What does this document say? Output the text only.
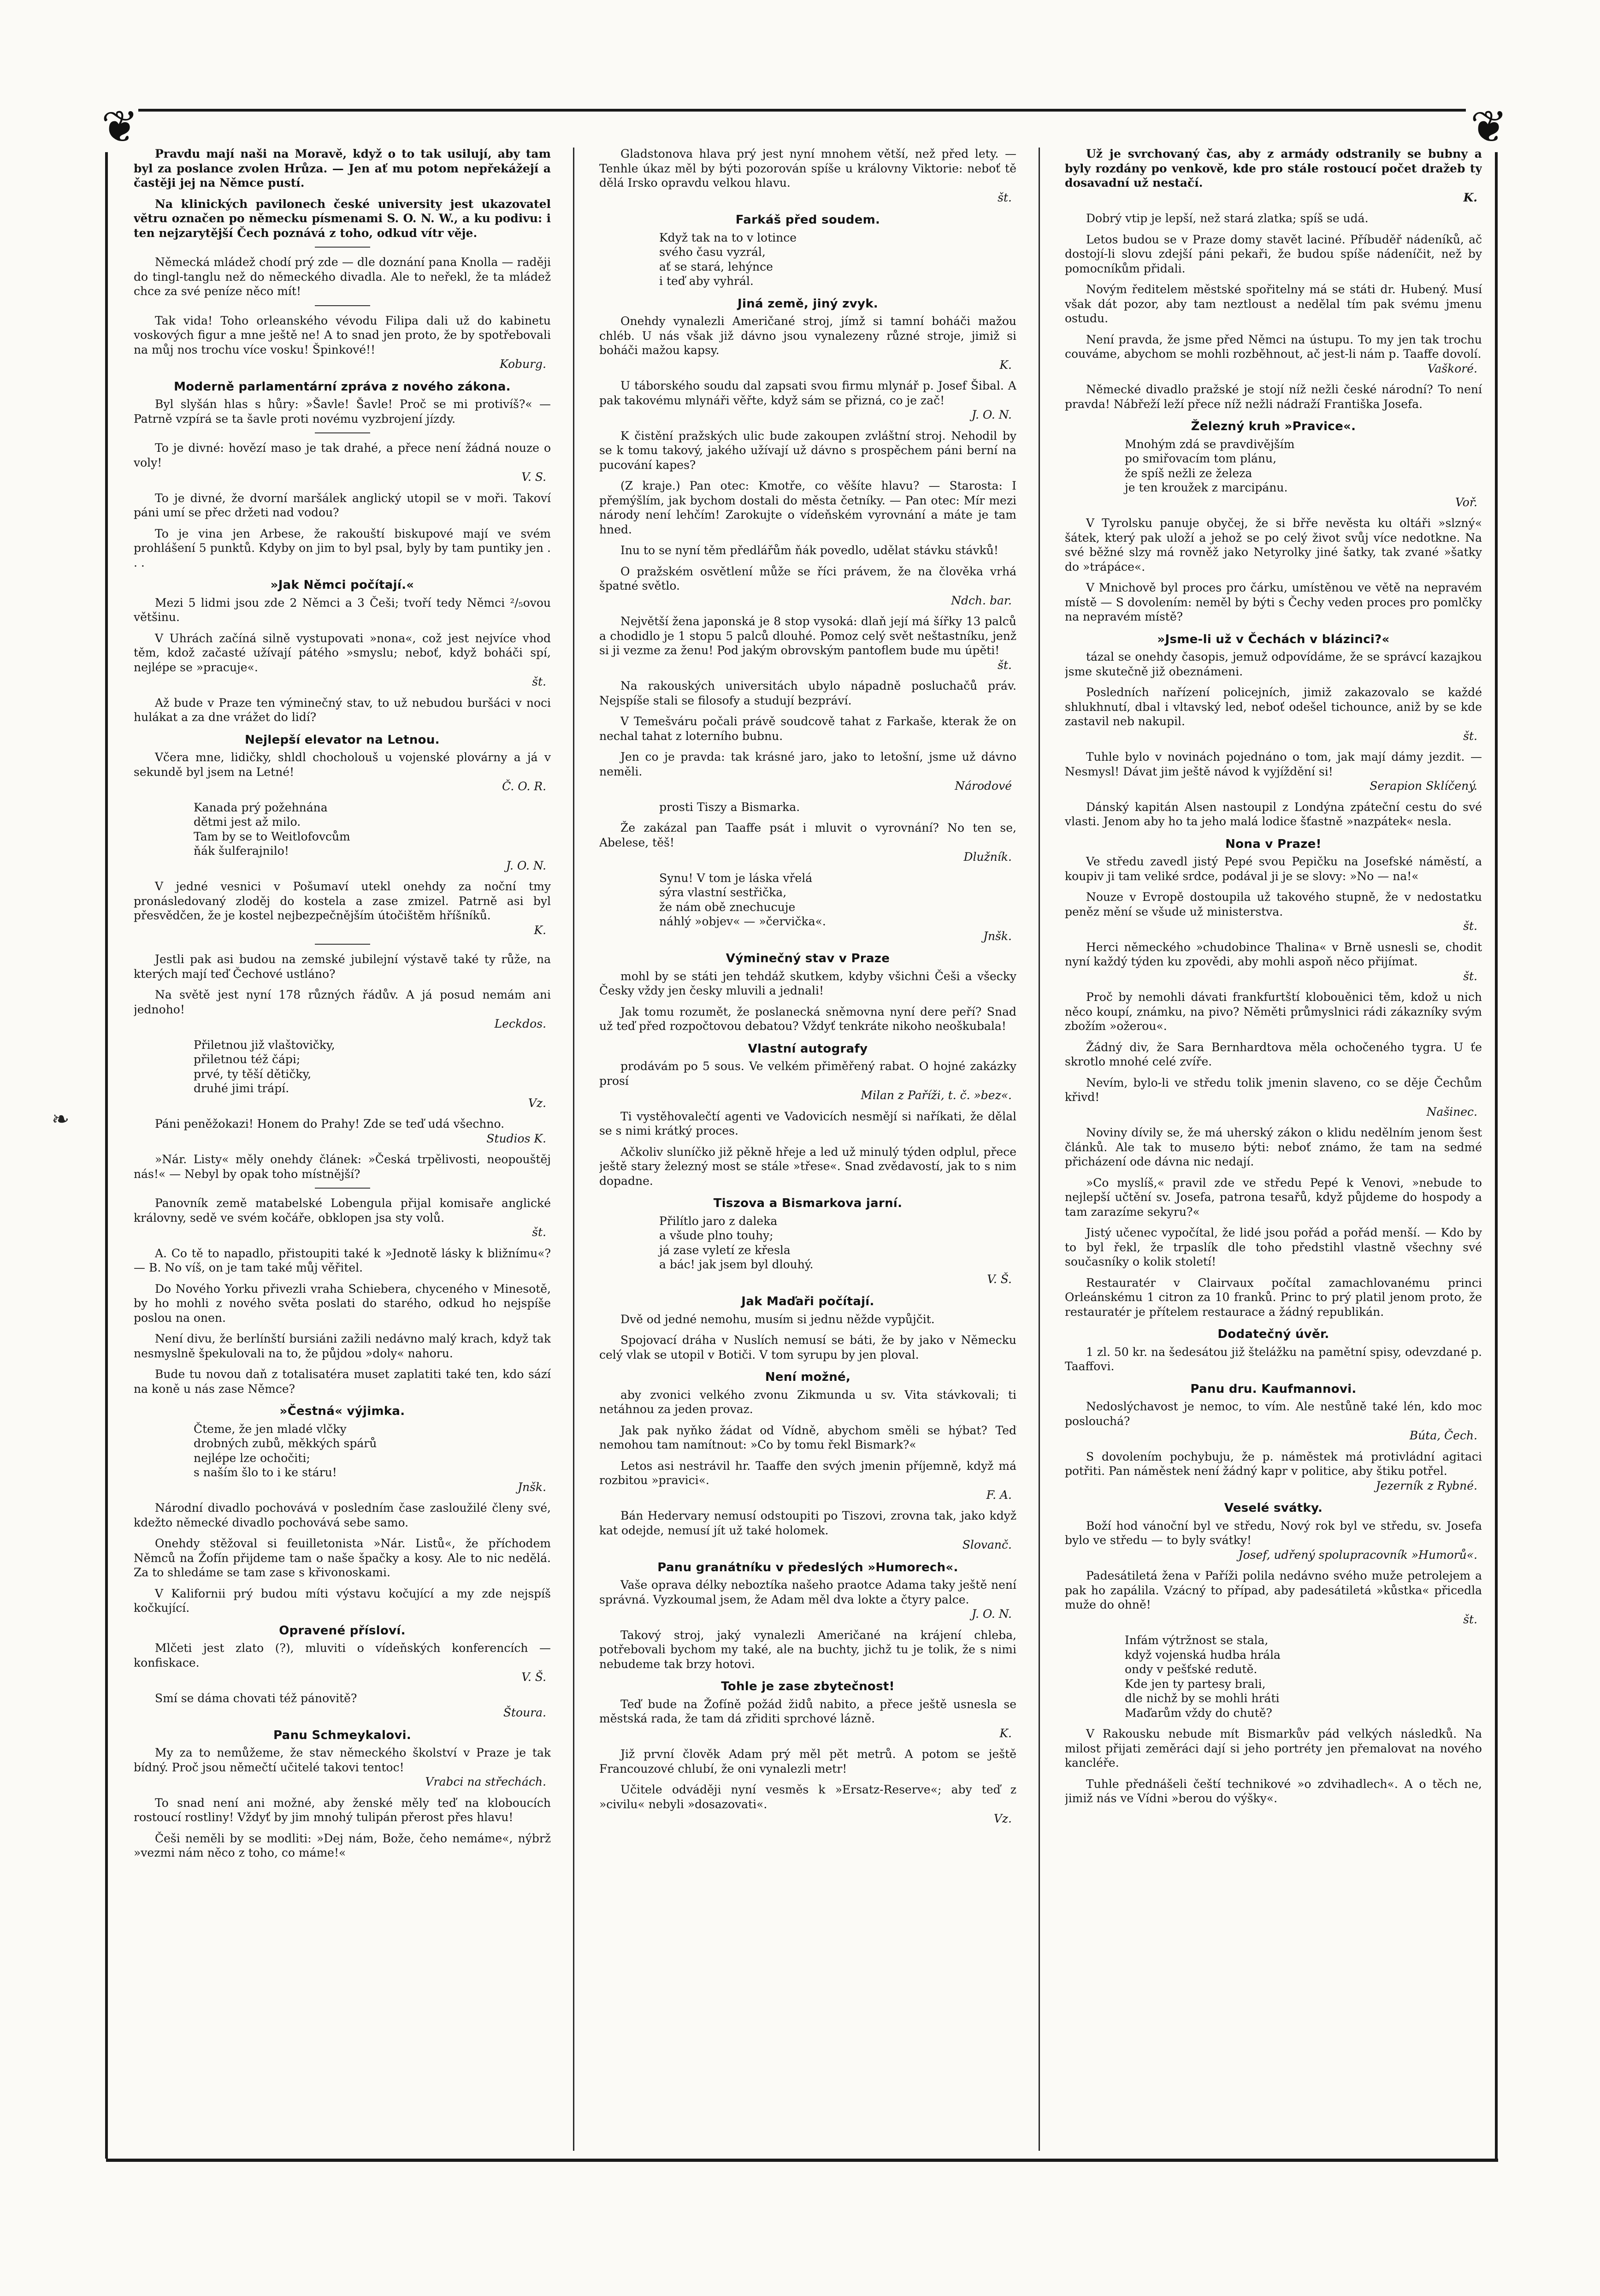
❦	❦
❧

Pravdu mají naši na Moravě, když o to tak usilují, aby tam byl za poslance zvolen Hrůza. — Jen ať mu potom nepřekážejí a častěji jej na Němce pustí.

Na klinických pavilonech české university jest ukazovatel větru označen po německu písmenami S. O. N. W., a ku podivu: i ten nejzarytější Čech poznává z toho, odkud vítr věje.

Německá mládež chodí prý zde — dle doznání pana Knolla — raději do tingl-tanglu než do německého divadla. Ale to neřekl, že ta mládež chce za své peníze něco mít!

Tak vida! Toho orleanského vévodu Filipa dali už do kabinetu voskových figur a mne ještě ne! A to snad jen proto, že by spotřebovali na můj nos trochu více vosku! Špinkové!!
Koburg.

Moderně parlamentární zpráva z nového zákona.

Byl slyšán hlas s hůry: »Šavle! Šavle! Proč se mi protivíš?« — Patrně vzpírá se ta šavle proti novému vyzbrojení jízdy.

To je divné: hovězí maso je tak drahé, a přece není žádná nouze o voly!
V. S.

To je divné, že dvorní maršálek anglický utopil se v moři. Takoví páni umí se přec držeti nad vodou?

To je vina jen Arbese, že rakouští biskupové mají ve svém prohlášení 5 punktů. Kdyby on jim to byl psal, byly by tam puntiky jen . . .

»Jak Němci počítají.«

Mezi 5 lidmi jsou zde 2 Němci a 3 Češi; tvoří tedy Němci ²/₅ovou většinu.

V Uhrách začíná silně vystupovati »nona«, což jest nejvíce vhod těm, kdož začasté užívají pátého »smyslu; neboť, když boháči spí, nejlépe se »pracuje«.
št.

Až bude v Praze ten výminečný stav, to už nebudou buršáci v noci hulákat a za dne vrážet do lidí?

Nejlepší elevator na Letnou.

Včera mne, lidičky, shldl chocholouš u vojenské plovárny a já v sekundě byl jsem na Letné!
Č. O. R.

Kanada prý požehnána
dětmi jest až milo.
Tam by se to Weitlofovcům
ňák šulferajnilo!
J. O. N.

V jedné vesnici v Pošumaví utekl onehdy za noční tmy pronásledovaný zloděj do kostela a zase zmizel. Patrně asi byl přesvědčen, že je kostel nejbezpečnějším útočištěm hříšníků.
K.

Jestli pak asi budou na zemské jubilejní výstavě také ty růže, na kterých mají teď Čechové ustláno?

Na světě jest nyní 178 různých řádův. A já posud nemám ani jednoho!
Leckdos.

Přiletnou již vlaštovičky,
přiletnou též čápi;
prvé, ty těší dětičky,
druhé jimi trápí.
Vz.

Páni peněžokazi! Honem do Prahy! Zde se teď udá všechno.
Studios K.

»Nár. Listy« měly onehdy článek: »Česká trpělivosti, neopouštěj nás!« — Nebyl by opak toho místnější?

Panovník země matabelské Lobengula přijal komisaře anglické královny, sedě ve svém kočáře, obklopen jsa sty volů.
št.

A. Co tě to napadlo, přistoupiti také k »Jednotě lásky k bližnímu«? — B. No víš, on je tam také můj věřitel.

Do Nového Yorku přivezli vraha Schiebera, chyceného v Minesotě, by ho mohli z nového světa poslati do starého, odkud ho nejspíše poslou na onen.

Není divu, že berlínští bursiáni zažili nedávno malý krach, když tak nesmyslně špekulovali na to, že půjdou »doly« nahoru.

Bude tu novou daň z totalisatéra muset zaplatiti také ten, kdo sází na koně u nás zase Němce?

»Čestná« výjimka.
Čteme, že jen mladé vlčky
drobných zubů, měkkých spárů
nejlépe lze ochočiti;
s naším šlo to i ke stáru!
Jnšk.

Národní divadlo pochovává v posledním čase zasloužilé členy své, kdežto německé divadlo pochovává sebe samo.

Onehdy stěžoval si feuilletonista »Nár. Listů«, že příchodem Němců na Žofín přijdeme tam o naše špačky a kosy. Ale to nic nedělá. Za to shledáme se tam zase s křivonoskami.

V Kalifornii prý budou míti výstavu kočující a my zde nejspíš kočkující.

Opravené přísloví.

Mlčeti jest zlato (?), mluviti o vídeňských konferencích — konfiskace.
V. Š.

Smí se dáma chovati též pánovitě?
Štoura.

Panu Schmeykalovi.

My za to nemůžeme, že stav německého školství v Praze je tak bídný. Proč jsou němečtí učitelé takovi tentoc!
Vrabci na střechách.

To snad není ani možné, aby ženské měly teď na kloboucích rostoucí rostliny! Vždyť by jim mnohý tulipán přerost přes hlavu!

Češi neměli by se modliti: »Dej nám, Bože, čeho nemáme«, nýbrž »vezmi nám něco z toho, co máme!«

Gladstonova hlava prý jest nyní mnohem větší, než před lety. — Tenhle úkaz měl by býti pozorován spíše u královny Viktorie: neboť tě dělá Irsko opravdu velkou hlavu.
št.

Farkáš před soudem.
Když tak na to v lotince
svého času vyzrál,
ať se stará, lehýnce
i teď aby vyhrál.
Jiná země, jiný zvyk.

Onehdy vynalezli Američané stroj, jímž si tamní boháči mažou chléb. U nás však již dávno jsou vynalezeny různé stroje, jimiž si boháči mažou kapsy.
K.

U táborského soudu dal zapsati svou firmu mlynář p. Josef Šibal. A pak takovému mlynáři věřte, když sám se přizná, co je zač!
J. O. N.

K čistění pražských ulic bude zakoupen zvláštní stroj. Nehodil by se k tomu takový, jakého užívají už dávno s prospěchem páni berní na pucování kapes?

(Z kraje.) Pan otec: Kmotře, co věšíte hlavu? — Starosta: I přemýšlím, jak bychom dostali do města četníky. — Pan otec: Mír mezi národy není lehčím! Zarokujte o vídeňském vyrovnání a máte je tam hned.

Inu to se nyní těm předlářům ňák povedlo, udělat stávku stávků!

O pražském osvětlení může se říci právem, že na člověka vrhá špatné světlo.
Ndch. bar.

Největší žena japonská je 8 stop vysoká: dlaň její má šířky 13 palců a chodidlo je 1 stopu 5 palců dlouhé. Pomoz celý svět neštastníku, jenž si ji vezme za ženu! Pod jakým obrovským pantoflem bude mu úpěti!
št.

Na rakouských universitách ubylo nápadně posluchačů práv. Nejspíše stali se filosofy a studují bezpráví.

V Temešváru počali právě soudcově tahat z Farkaše, kterak že on nechal tahat z loterního bubnu.

Jen co je pravda: tak krásné jaro, jako to letošní, jsme už dávno neměli.
Národové

prosti Tiszy a Bismarka.

Že zakázal pan Taaffe psát i mluvit o vyrovnání? No ten se, Abelese, těš!
Dlužník.

Synu! V tom je láska vřelá
sýra vlastní sestřička,
že nám obě znechucuje
náhlý »objev« — »červička«.
Jnšk.
Výminečný stav v Praze

mohl by se státi jen tehdáž skutkem, kdyby všichni Češi a všecky Česky vždy jen česky mluvili a jednali!

Jak tomu rozumět, že poslanecká sněmovna nyní dere peří? Snad už teď před rozpočtovou debatou? Vždyť tenkráte nikoho neoškubala!

Vlastní autografy

prodávám po 5 sous. Ve velkém přiměřený rabat. O hojné zakázky prosí
Milan z Paříži, t. č. »bez«.

Ti vystěhovalečtí agenti ve Vadovicích nesmějí si naříkati, že dělal se s nimi krátký proces.

Ačkoliv sluníčko již pěkně hřeje a led už minulý týden odplul, přece ještě stary železný most se stále »třese«. Snad zvědavostí, jak to s nim dopadne.

Tiszova a Bismarkova jarní.
Přilítlo jaro z daleka
a všude plno touhy;
já zase vyletí ze křesla
a bác! jak jsem byl dlouhý.
V. Š.
Jak Maďaři počítají.

Dvě od jedné nemohu, musím si jednu něžde vypůjčit.

Spojovací dráha v Nuslích nemusí se báti, že by jako v Německu celý vlak se utopil v Botiči. V tom syrupu by jen ploval.

Není možné,

aby zvonici velkého zvonu Zikmunda u sv. Vita stávkovali; ti netáhnou za jeden provaz.

Jak pak nyňko žádat od Vídně, abychom směli se hýbat? Teď nemohou tam namítnout: »Co by tomu řekl Bismark?«

Letos asi nestrávil hr. Taaffe den svých jmenin příjemně, když má rozbitou »pravici«.
F. A.

Bán Hedervary nemusí odstoupiti po Tiszovi, zrovna tak, jako když kat odejde, nemusí jít už také holomek.
Slovanč.

Panu granátníku v předeslých »Humorech«.

Vaše oprava délky neboztíka našeho praotce Adama taky ještě není správná. Vyzkoumal jsem, že Adam měl dva lokte a čtyry palce.
J. O. N.

Takový stroj, jaký vynalezli Američané na krájení chleba, potřebovali bychom my také, ale na buchty, jichž tu je tolik, že s nimi nebudeme tak brzy hotovi.

Tohle je zase zbytečnost!

Teď bude na Žofíně požád židů nabito, a přece ještě usnesla se městská rada, že tam dá zřiditi sprchové lázně.
K.

Již první člověk Adam prý měl pět metrů. A potom se ještě Francouzové chlubí, že oni vynalezli metr!

Učitele odváději nyní vesměs k »Ersatz-Reserve«; aby teď z »civilu« nebyli »dosazovati«.
Vz.

Už je svrchovaný čas, aby z armády odstranily se bubny a byly rozdány po venkově, kde pro stále rostoucí počet dražeb ty dosavadní už nestačí.
K.

Dobrý vtip je lepší, než stará zlatka; spíš se udá.

Letos budou se v Praze domy stavět laciné. Příbuděř nádeníků, ač dostojí-li slovu zdejší páni pekaři, že budou spíše nádeníčit, než by pomocníkům přidali.

Novým ředitelem městské spořitelny má se státi dr. Hubený. Musí však dát pozor, aby tam neztloust a nedělal tím pak svému jmenu ostudu.

Není pravda, že jsme před Němci na ústupu. To my jen tak trochu couváme, abychom se mohli rozběhnout, ač jest-li nám p. Taaffe dovolí.
Vaškoré.

Německé divadlo pražské je stojí níž nežli české národní? To není pravda! Nábřeží leží přece níž nežli nádraží Františka Josefa.

Železný kruh »Pravice«.
Mnohým zdá se pravdivějším
po smiřovacím tom plánu,
že spíš nežli ze železa
je ten kroužek z marcipánu.
Voř.

V Tyrolsku panuje obyčej, že si břře nevěsta ku oltáři »slzný« šátek, který pak uloží a jehož se po celý život svůj více nedotkne. Na své běžné slzy má rovněž jako Netyrolky jiné šatky, tak zvané »šatky do »trápáce«.

V Mnichově byl proces pro čárku, umístěnou ve větě na nepravém místě — S dovolením: neměl by býti s Čechy veden proces pro pomlčky na nepravém místě?

»Jsme-li už v Čechách v blázinci?«

tázal se onehdy časopis, jemuž odpovídáme, že se správcí kazajkou jsme skutečně již obeznámeni.

Posledních nařízení policejních, jimiž zakazovalo se každé shlukhnutí, dbal i vltavský led, neboť odešel tichounce, aniž by se kde zastavil neb nakupil.
št.

Tuhle bylo v novinách pojednáno o tom, jak mají dámy jezdit. — Nesmysl! Dávat jim ještě návod k vyjíždění si!
Serapion Sklíčený.

Dánský kapitán Alsen nastoupil z Londýna zpáteční cestu do své vlasti. Jenom aby ho ta jeho malá lodice šťastně »nazpátek« nesla.

Nona v Praze!

Ve středu zavedl jistý Pepé svou Pepičku na Josefské náměstí, a koupiv ji tam veliké srdce, podával ji je se slovy: »No — na!«

Nouze v Evropě dostoupila už takového stupně, že v nedostatku peněz mění se všude už ministerstva.
št.

Herci německého »chudobince Thalina« v Brně usnesli se, chodit nyní každý týden ku zpovědi, aby mohli aspoň něco přijímat.
št.

Proč by nemohli dávati frankfurtští klobouěnici těm, kdož u nich něco koupí, známku, na pivo? Něměti průmyslnici rádi zákazníky svým zbožím »ožerou«.

Žádný div, že Sara Bernhardtova měla ochočeného tygra. U ťe skrotlo mnohé celé zvíře.

Nevím, bylo-li ve středu tolik jmenin slaveno, co se děje Čechům křivd!
Našinec.

Noviny dívily se, že má uherský zákon o klidu nedělním jenom šest článků. Ale tak to musело býti: neboť známo, že tam na sedmé přicházení ode dávna nic nedají.

»Co myslíš,« pravil zde ve středu Pepé k Venovi, »nebude to nejlepší učtění sv. Josefa, patrona tesařů, když půjdeme do hospody a tam zarazíme sekyru?«

Jistý učenec vypočítal, že lidé jsou pořád a pořád menší. — Kdo by to byl řekl, že trpaslík dle toho předstihl vlastně všechny své současníky o kolik století!

Restauratér v Clairvaux počítal zamachlovanému princi Orleánskému 1 citron za 10 franků. Princ to prý platil jenom proto, že restauratér je přítelem restaurace a žádný republikán.

Dodatečný úvěr.

1 zl. 50 kr. na šedesátou již štelážku na pamětní spisy, odevzdané p. Taaffovi.

Panu dru. Kaufmannovi.

Nedoslýchavost je nemoc, to vím. Ale nestůně také lén, kdo moc poslouchá?
Búta, Čech.

S dovolením pochybuju, že p. náměstek má protivládní agitaci potřiti. Pan náměstek není žádný kapr v politice, aby štiku potřel.
Jezerník z Rybné.

Veselé svátky.

Boží hod vánoční byl ve středu, Nový rok byl ve středu, sv. Josefa bylo ve středu — to byly svátky!
Josef, udřený spolupracovník »Humorů«.

Padesátiletá žena v Paříži polila nedávno svého muže petrolejem a pak ho zapálila. Vzácný to případ, aby padesátiletá »kůstka« přicedla muže do ohně!
št.

Infám výtržnost se stala,
když vojenská hudba hrála
ondy v pešťské redutě.
Kde jen ty partesy brali,
dle nichž by se mohli hráti
Maďarům vždy do chutě?

V Rakousku nebude mít Bismarkův pád velkých následků. Na milost přijati zeměráci dají si jeho portréty jen přemalovat na nového kancléře.

Tuhle přednášeli čeští technikové »o zdvihadlech«. A o těch ne, jimiž nás ve Vídni »berou do výšky«.
